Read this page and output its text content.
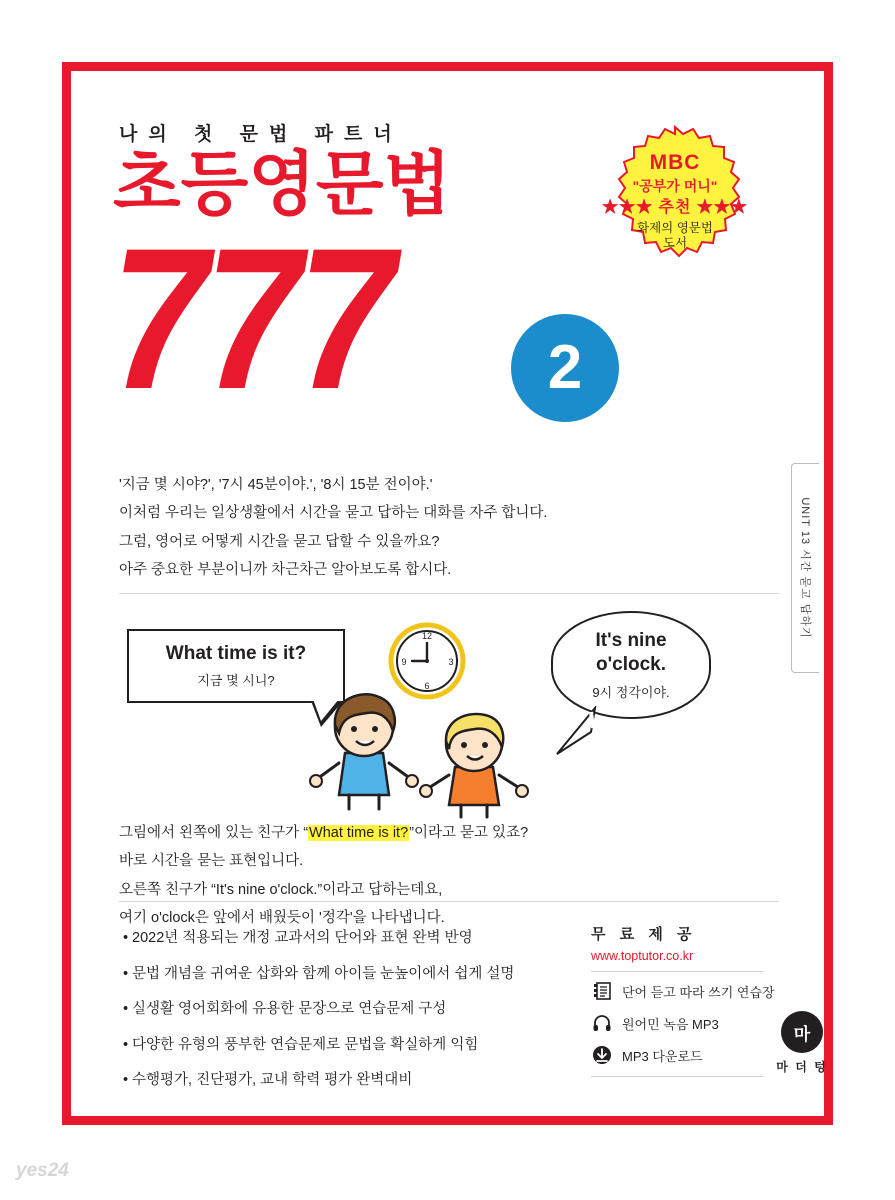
나의 첫 문법 파트너
초등영문법
777	2
MBC
"공부가 머니"
★★★ 추천 ★★★
화제의 영문법
도서
UNIT 13 시간 묻고 답하기
'지금 몇 시야?', '7시 45분이야.', '8시 15분 전이야.'
이처럼 우리는 일상생활에서 시간을 묻고 답하는 대화를 자주 합니다.
그럼, 영어로 어떻게 시간을 묻고 답할 수 있을까요?
아주 중요한 부분이니까 차근차근 알아보도록 합시다.
What time is it?
지금 몇 시니?
12
3
6
9
It's nine
o'clock.
9시 정각이야.
그림에서 왼쪽에 있는 친구가 “What time is it?”이라고 묻고 있죠?
바로 시간을 묻는 표현입니다.
오른쪽 친구가 “It's nine o'clock.”이라고 답하는데요,
여기 o'clock은 앞에서 배웠듯이 '정각'을 나타냅니다.
• 2022년 적용되는 개정 교과서의 단어와 표현 완벽 반영
• 문법 개념을 귀여운 삽화와 함께 아이들 눈높이에서 쉽게 설명
• 실생활 영어회화에 유용한 문장으로 연습문제 구성
• 다양한 유형의 풍부한 연습문제로 문법을 확실하게 익힘
• 수행평가, 진단평가, 교내 학력 평가 완벽대비
무 료 제 공
www.toptutor.co.kr
단어 듣고 따라 쓰기 연습장
원어민 녹음 MP3
MP3 다운로드
마
마 더 텅
yes24
